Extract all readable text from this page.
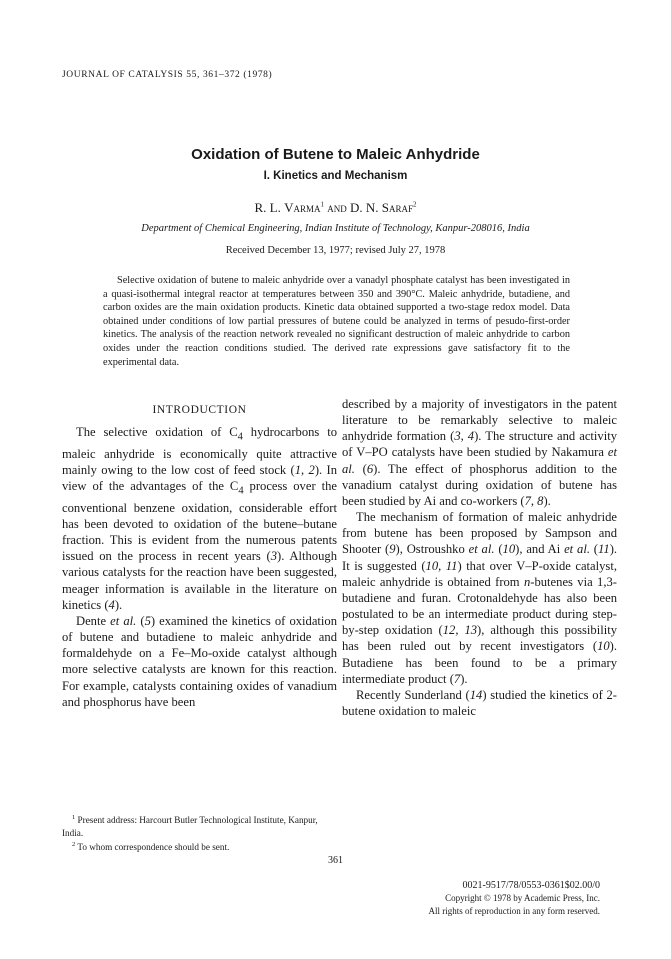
JOURNAL OF CATALYSIS 55, 361–372 (1978)
Oxidation of Butene to Maleic Anhydride
I. Kinetics and Mechanism
R. L. Varma$^1$ and D. N. Saraf$^2$
Department of Chemical Engineering, Indian Institute of Technology, Kanpur-208016, India
Received December 13, 1977; revised July 27, 1978
Selective oxidation of butene to maleic anhydride over a vanadyl phosphate catalyst has been investigated in a quasi-isothermal integral reactor at temperatures between 350 and 390°C. Maleic anhydride, butadiene, and carbon oxides are the main oxidation products. Kinetic data obtained supported a two-stage redox model. Data obtained under conditions of low partial pressures of butene could be analyzed in terms of pesudo-first-order kinetics. The analysis of the reaction network revealed no significant destruction of maleic anhydride to carbon oxides under the reaction conditions studied. The derived rate expressions gave satisfactory fit to the experimental data.
INTRODUCTION

The selective oxidation of $C_4$ hydrocarbons to maleic anhydride is economically quite attractive mainly owing to the low cost of feed stock (1, 2). In view of the advantages of the $C_4$ process over the conventional benzene oxidation, considerable effort has been devoted to oxidation of the butene–butane fraction. This is evident from the numerous patents issued on the process in recent years (3). Although various catalysts for the reaction have been suggested, meager information is available in the literature on kinetics (4).

Dente et al. (5) examined the kinetics of oxidation of butene and butadiene to maleic anhydride and formaldehyde on a Fe–Mo-oxide catalyst although more selective catalysts are known for this reaction. For example, catalysts containing oxides of vanadium and phosphorus have been

$^1$ Present address: Harcourt Butler Technological Institute, Kanpur, India.
$^2$ To whom correspondence should be sent.

described by a majority of investigators in the patent literature to be remarkably selective to maleic anhydride formation (3, 4). The structure and activity of V–PO catalysts have been studied by Nakamura et al. (6). The effect of phosphorus addition to the vanadium catalyst during oxidation of butene has been studied by Ai and co-workers (7, 8).

The mechanism of formation of maleic anhydride from butene has been proposed by Sampson and Shooter (9), Ostroushko et al. (10), and Ai et al. (11). It is suggested (10, 11) that over V–P-oxide catalyst, maleic anhydride is obtained from n-butenes via 1,3-butadiene and furan. Crotonaldehyde has also been postulated to be an intermediate product during step-by-step oxidation (12, 13), although this possibility has been ruled out by recent investigators (10). Butadiene has been found to be a primary intermediate product (7).

Recently Sunderland (14) studied the kinetics of 2-butene oxidation to maleic

361
0021-9517/78/0553-0361$02.00/0
Copyright © 1978 by Academic Press, Inc.
All rights of reproduction in any form reserved.
